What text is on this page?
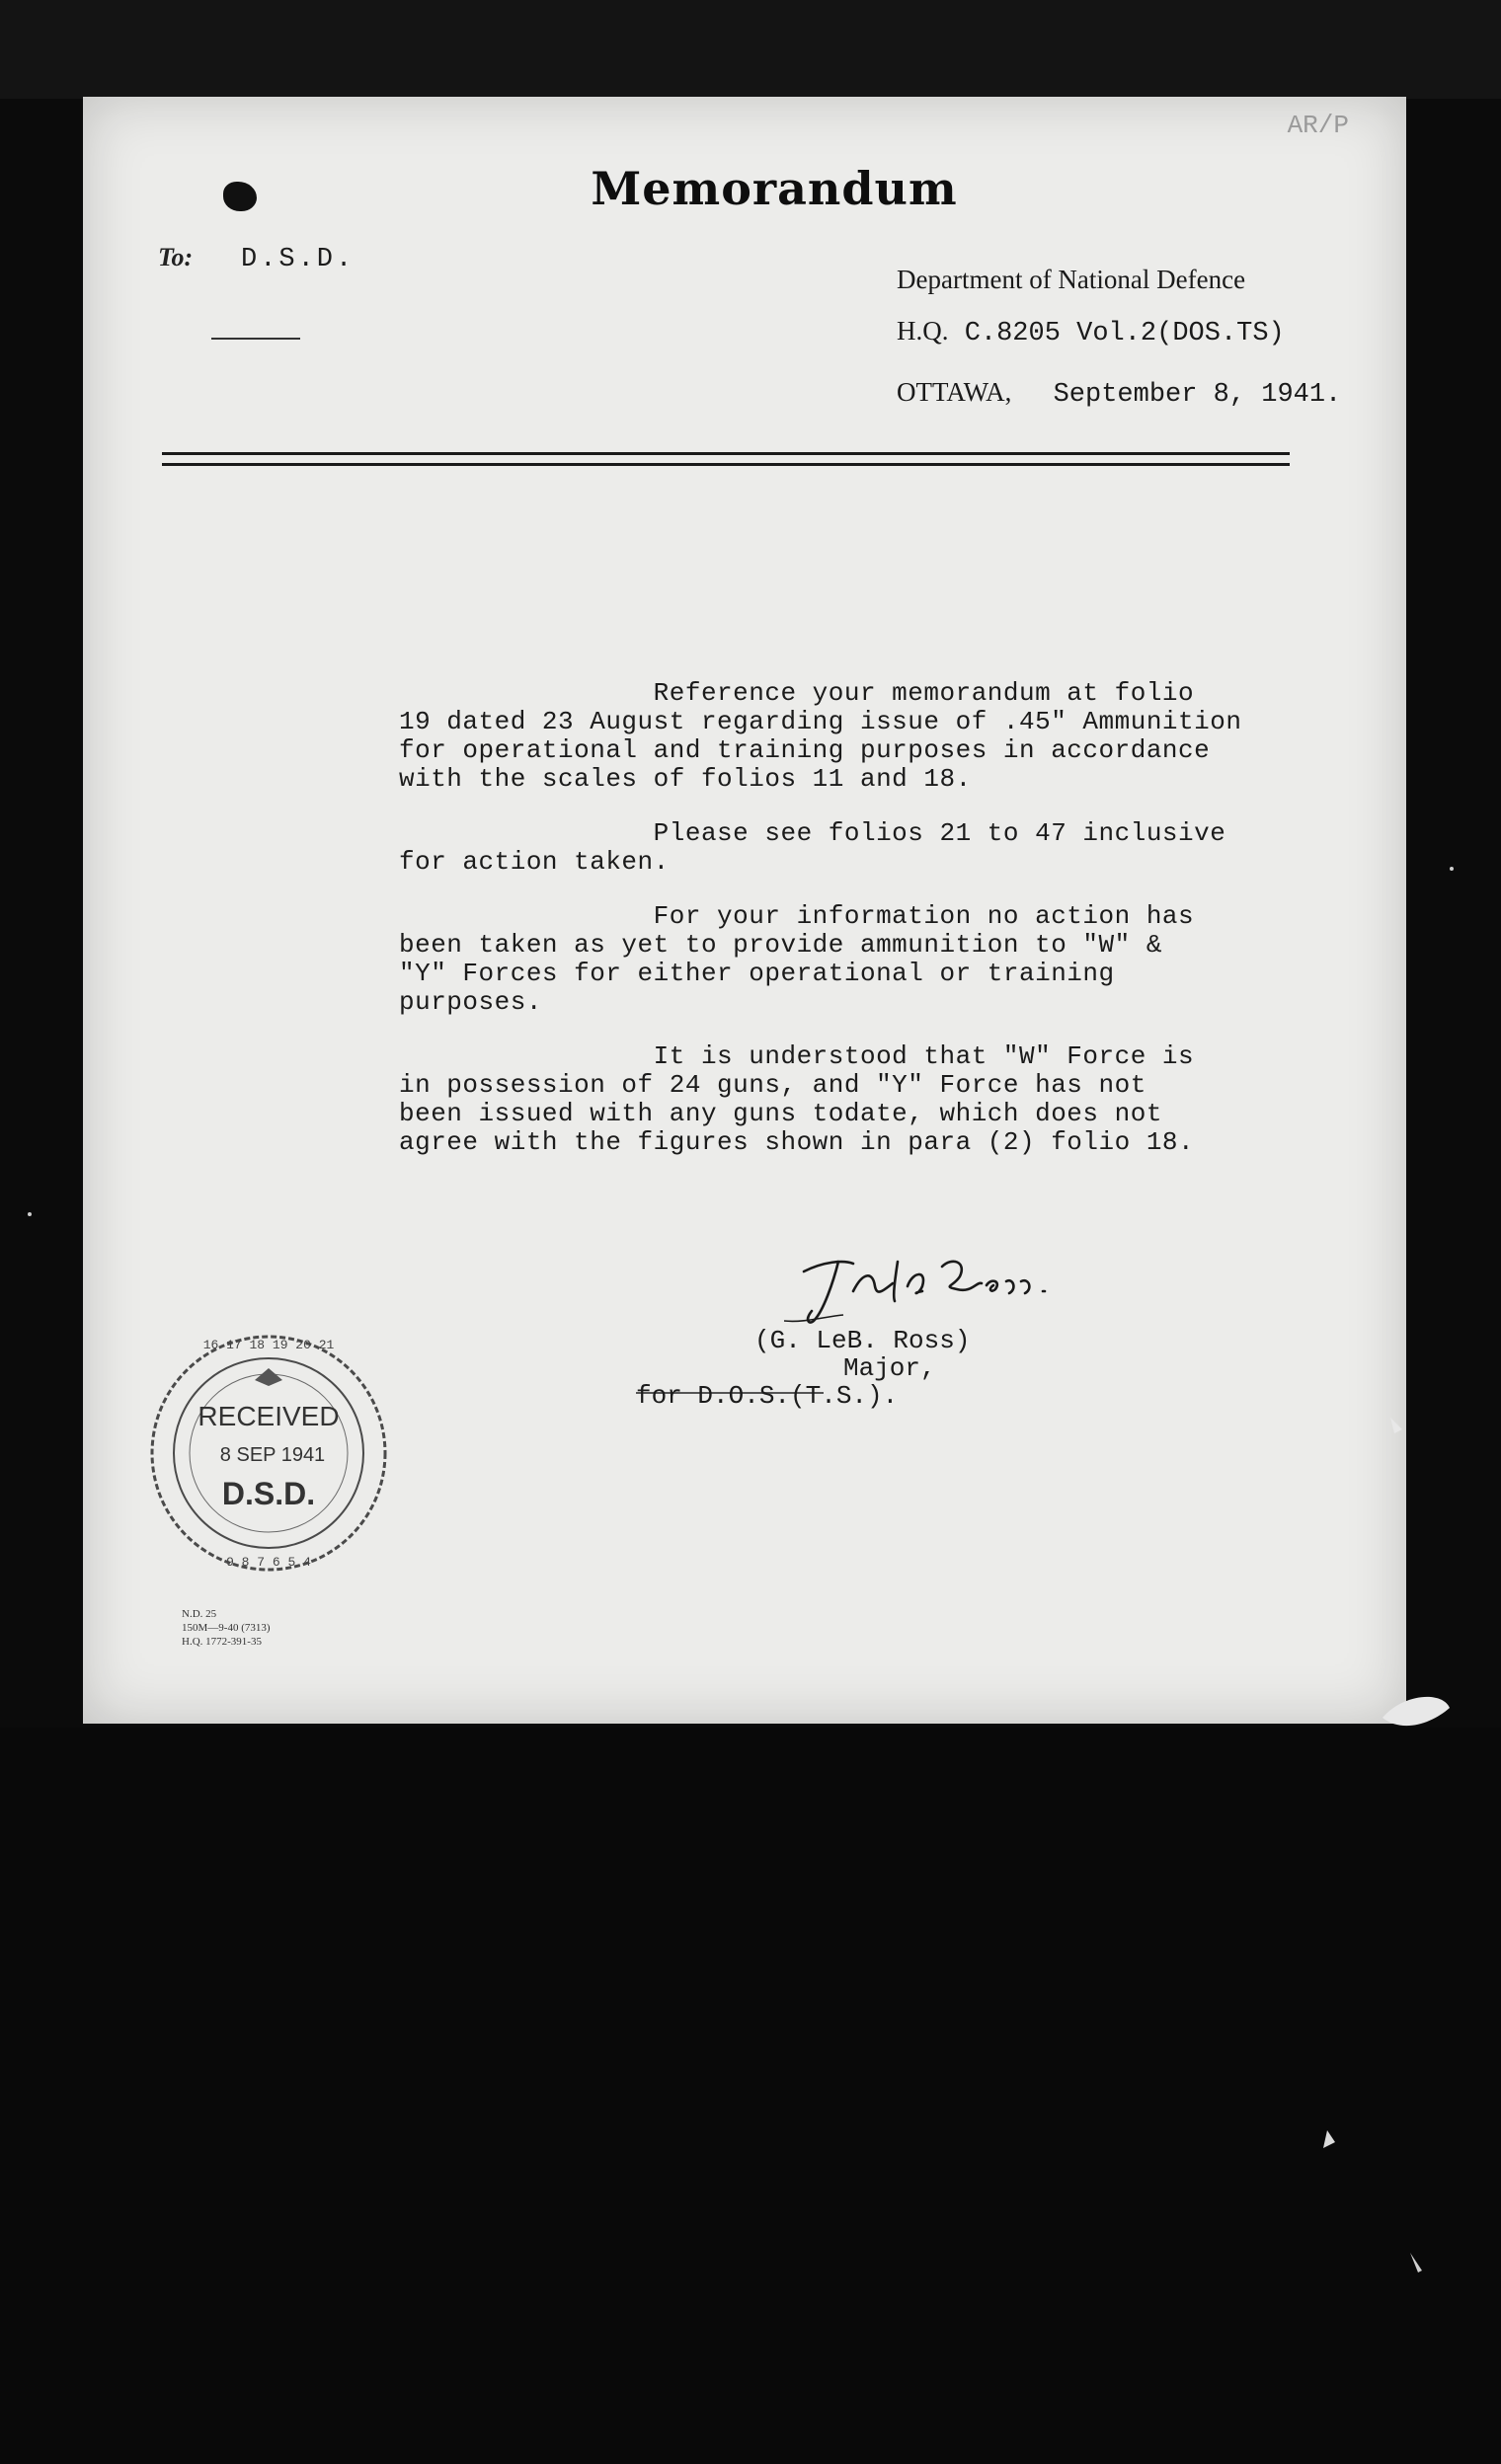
AR/P
Memorandum
To: D.S.D.
Department of National Defence
H.Q. C.8205 Vol.2(DOS.TS)
OTTAWA, September 8, 1941.
Reference your memorandum at folio
19 dated 23 August regarding issue of .45" Ammunition
for operational and training purposes in accordance
with the scales of folios 11 and 18.
Please see folios 21 to 47 inclusive
for action taken.
For your information no action has
been taken as yet to provide ammunition to "W" &
"Y" Forces for either operational or training
purposes.
It is understood that "W" Force is
in possession of 24 guns, and "Y" Force has not
been issued with any guns todate, which does not
agree with the figures shown in para (2) folio 18.
(G. LeB. Ross)
Major,
for D.O.S.(T.S.).
16 17 18 19 20 21
9 8 7 6 5 4
RECEIVED
8 SEP 1941
D.S.D.
N.D. 25
150M—9-40 (7313)
H.Q. 1772-391-35
